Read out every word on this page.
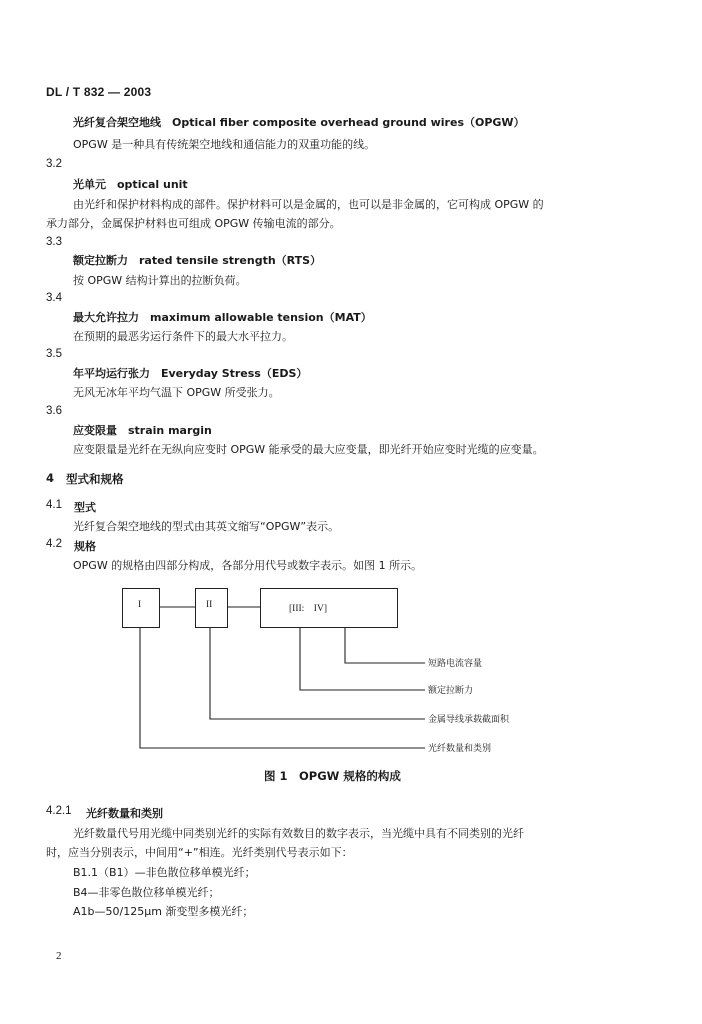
DL / T 832 — 2003
光纤复合架空地线　Optical fiber composite overhead ground wires（OPGW）
OPGW 是一种具有传统架空地线和通信能力的双重功能的线。
3.2
光单元　optical unit
由光纤和保护材料构成的部件。保护材料可以是金属的，也可以是非金属的，它可构成 OPGW 的
承力部分，金属保护材料也可组成 OPGW 传输电流的部分。
3.3
额定拉断力　rated tensile strength（RTS）
按 OPGW 结构计算出的拉断负荷。
3.4
最大允许拉力　maximum allowable tension（MAT）
在预期的最恶劣运行条件下的最大水平拉力。
3.5
年平均运行张力　Everyday Stress（EDS）
无风无冰年平均气温下 OPGW 所受张力。
3.6
应变限量　strain margin
应变限量是光纤在无纵向应变时 OPGW 能承受的最大应变量，即光纤开始应变时光缆的应变量。
4 型式和规格
4.1 型式
光纤复合架空地线的型式由其英文缩写“OPGW”表示。
4.2 规格
OPGW 的规格由四部分构成，各部分用代号或数字表示。如图 1 所示。
I	II	[III:　IV]
短路电流容量
额定拉断力
金属导线承载截面积
光纤数量和类别
图 1　OPGW 规格的构成
4.2.1 光纤数量和类别
光纤数量代号用光缆中同类别光纤的实际有效数目的数字表示，当光缆中具有不同类别的光纤
时，应当分别表示，中间用“+”相连。光纤类别代号表示如下：
B1.1（B1）—非色散位移单模光纤；
B4—非零色散位移单模光纤；
A1b—50/125μm 渐变型多模光纤；
2
